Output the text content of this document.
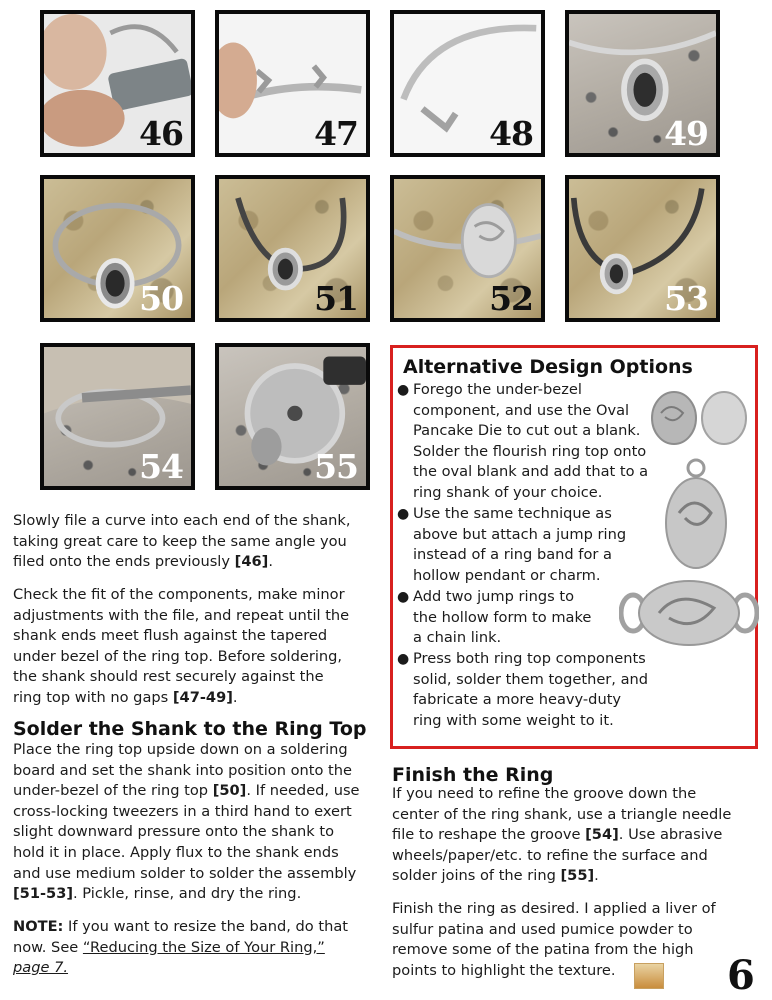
46	47	48	49
50	51	52	53
54	55
Slowly file a curve into each end of the shank,
taking great care to keep the same angle you
filed onto the ends previously [46].
Check the fit of the components, make minor
adjustments with the file, and repeat until the
shank ends meet flush against the tapered
under bezel of the ring top. Before soldering,
the shank should rest securely against the
ring top with no gaps [47-49].
Solder the Shank to the Ring Top
Place the ring top upside down on a soldering
board and set the shank into position onto the
under-bezel of the ring top [50]. If needed, use
cross-locking tweezers in a third hand to exert
slight downward pressure onto the shank to
hold it in place. Apply flux to the shank ends
and use medium solder to solder the assembly
[51-53]. Pickle, rinse, and dry the ring.
NOTE: If you want to resize the band, do that
now. See “Reducing the Size of Your Ring,”
page 7.
Alternative Design Options
● Forego the under-bezel
component, and use the Oval
Pancake Die to cut out a blank.
Solder the flourish ring top onto
the oval blank and add that to a
ring shank of your choice.
● Use the same technique as
above but attach a jump ring
instead of a ring band for a
hollow pendant or charm.
● Add two jump rings to
the hollow form to make
a chain link.
● Press both ring top components
solid, solder them together, and
fabricate a more heavy-duty
ring with some weight to it.
Finish the Ring
If you need to refine the groove down the
center of the ring shank, use a triangle needle
file to reshape the groove [54]. Use abrasive
wheels/paper/etc. to refine the surface and
solder joins of the ring [55].
Finish the ring as desired. I applied a liver of
sulfur patina and used pumice powder to
remove some of the patina from the high
points to highlight the texture.	6
